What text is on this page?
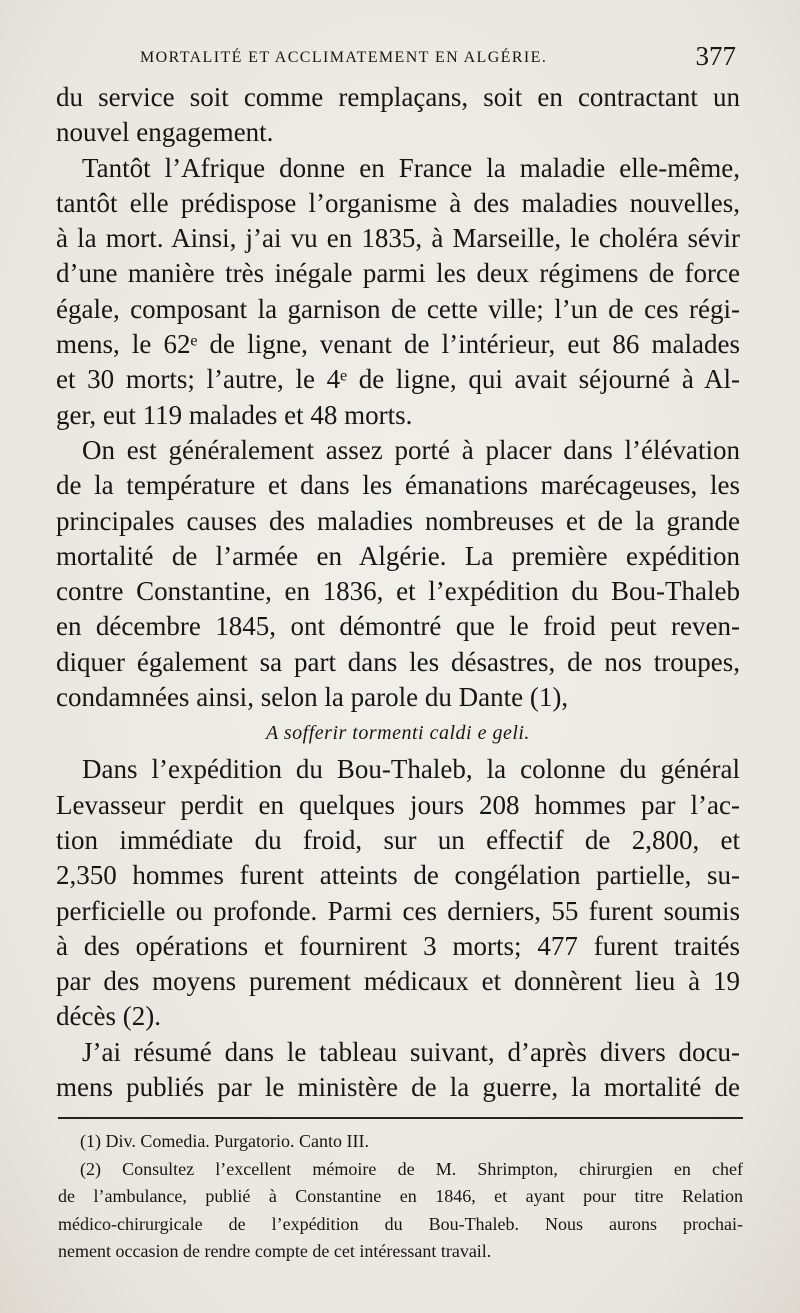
MORTALITÉ ET ACCLIMATEMENT EN ALGÉRIE.	377
du service soit comme remplaçans, soit en contractant un
nouvel engagement.
Tantôt l’Afrique donne en France la maladie elle-même,
tantôt elle prédispose l’organisme à des maladies nouvelles,
à la mort. Ainsi, j’ai vu en 1835, à Marseille, le choléra sévir
d’une manière très inégale parmi les deux régimens de force
égale, composant la garnison de cette ville; l’un de ces régi-
mens, le 62ᵉ de ligne, venant de l’intérieur, eut 86 malades
et 30 morts; l’autre, le 4ᵉ de ligne, qui avait séjourné à Al-
ger, eut 119 malades et 48 morts.
On est généralement assez porté à placer dans l’élévation
de la température et dans les émanations marécageuses, les
principales causes des maladies nombreuses et de la grande
mortalité de l’armée en Algérie. La première expédition
contre Constantine, en 1836, et l’expédition du Bou-Thaleb
en décembre 1845, ont démontré que le froid peut reven-
diquer également sa part dans les désastres, de nos troupes,
condamnées ainsi, selon la parole du Dante (1),
A sofferir tormenti caldi e geli.
Dans l’expédition du Bou-Thaleb, la colonne du général
Levasseur perdit en quelques jours 208 hommes par l’ac-
tion immédiate du froid, sur un effectif de 2,800, et
2,350 hommes furent atteints de congélation partielle, su-
perficielle ou profonde. Parmi ces derniers, 55 furent soumis
à des opérations et fournirent 3 morts; 477 furent traités
par des moyens purement médicaux et donnèrent lieu à 19
décès (2).
J’ai résumé dans le tableau suivant, d’après divers docu-
mens publiés par le ministère de la guerre, la mortalité de
(1) Div. Comedia. Purgatorio. Canto III.
(2) Consultez l’excellent mémoire de M. Shrimpton, chirurgien en chef
de l’ambulance, publié à Constantine en 1846, et ayant pour titre Relation
médico-chirurgicale de l’expédition du Bou-Thaleb. Nous aurons prochai-
nement occasion de rendre compte de cet intéressant travail.
